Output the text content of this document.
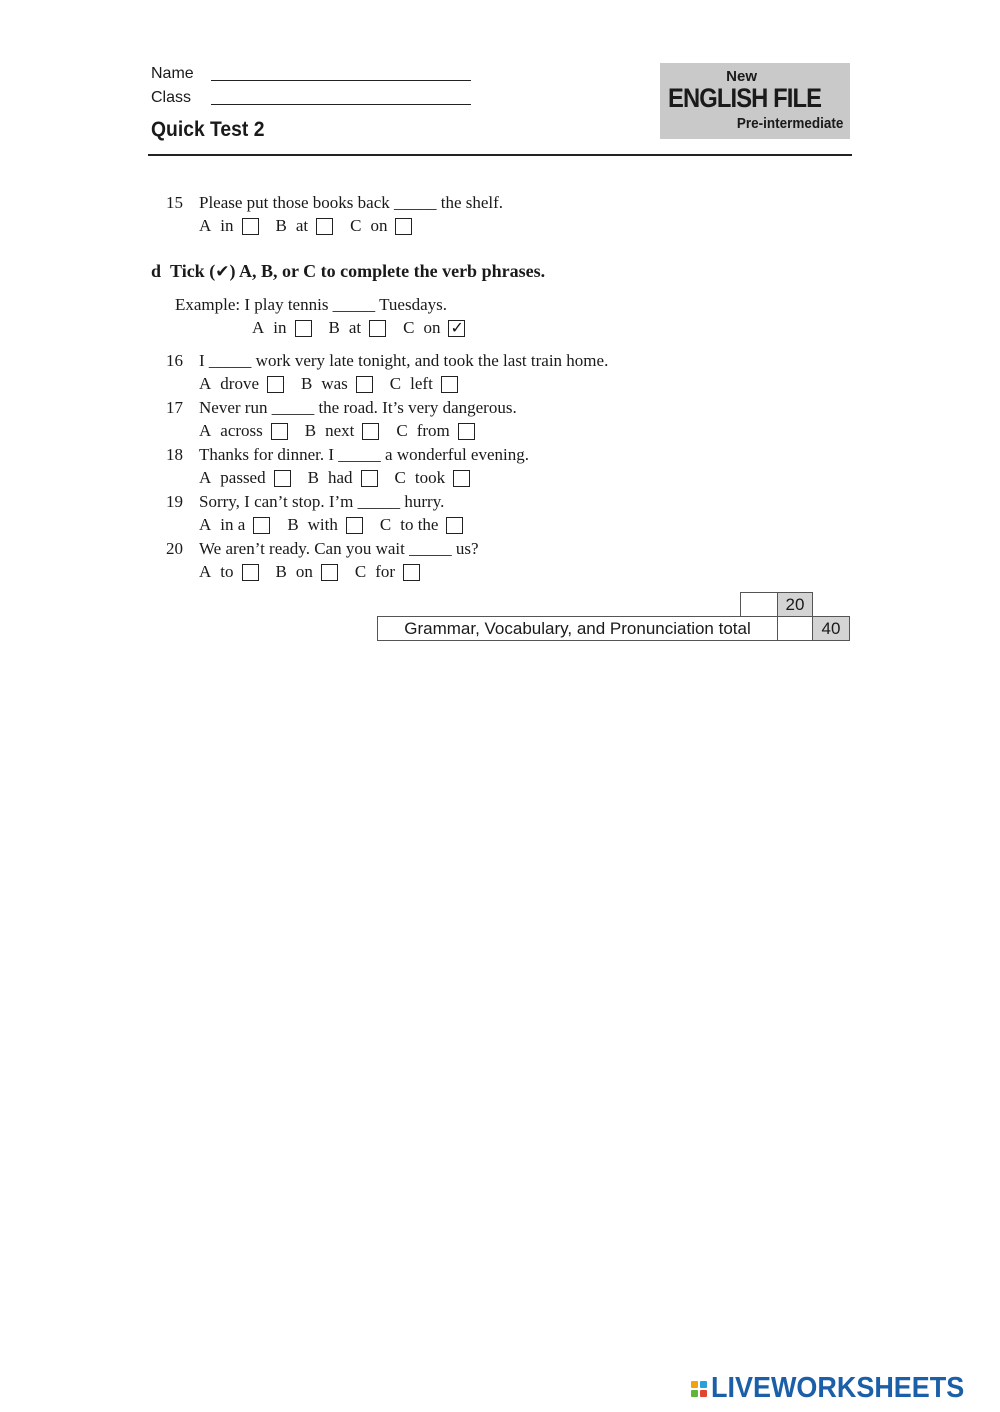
Name
Class
Quick Test 2
New
ENGLISH FILE
Pre-intermediate
15 Please put those books back _____ the shelf.
A in B at C on
d Tick (✔) A, B, or C to complete the verb phrases.
Example: I play tennis _____ Tuesdays.
A in B at C on
✓
16 I _____ work very late tonight, and took the last train home.
A drove B was C left
17 Never run _____ the road. It’s very dangerous.
A across B next C from
18 Thanks for dinner. I _____ a wonderful evening.
A passed B had C took
19 Sorry, I can’t stop. I’m _____ hurry.
A in a B with C to the
20 We aren’t ready. Can you wait _____ us?
A to B on C for
20
Grammar, Vocabulary, and Pronunciation total	40
LIVEWORKSHEETS
